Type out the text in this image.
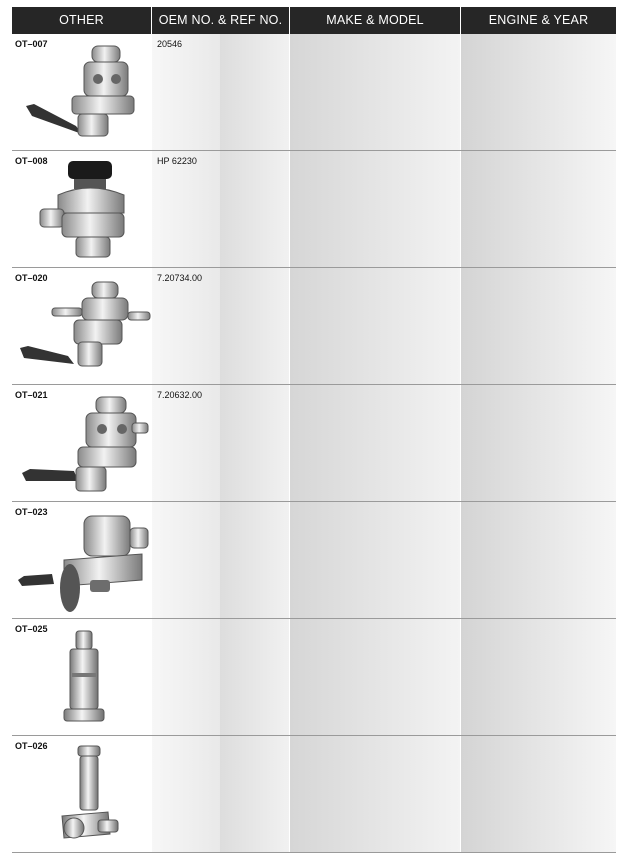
OTHER	OEM NO. & REF NO.	MAKE & MODEL	ENGINE & YEAR
OT–007	20546
OT–008	HP 62230
OT–020	7.20734.00
OT–021	7.20632.00
OT–023
OT–025
OT–026
